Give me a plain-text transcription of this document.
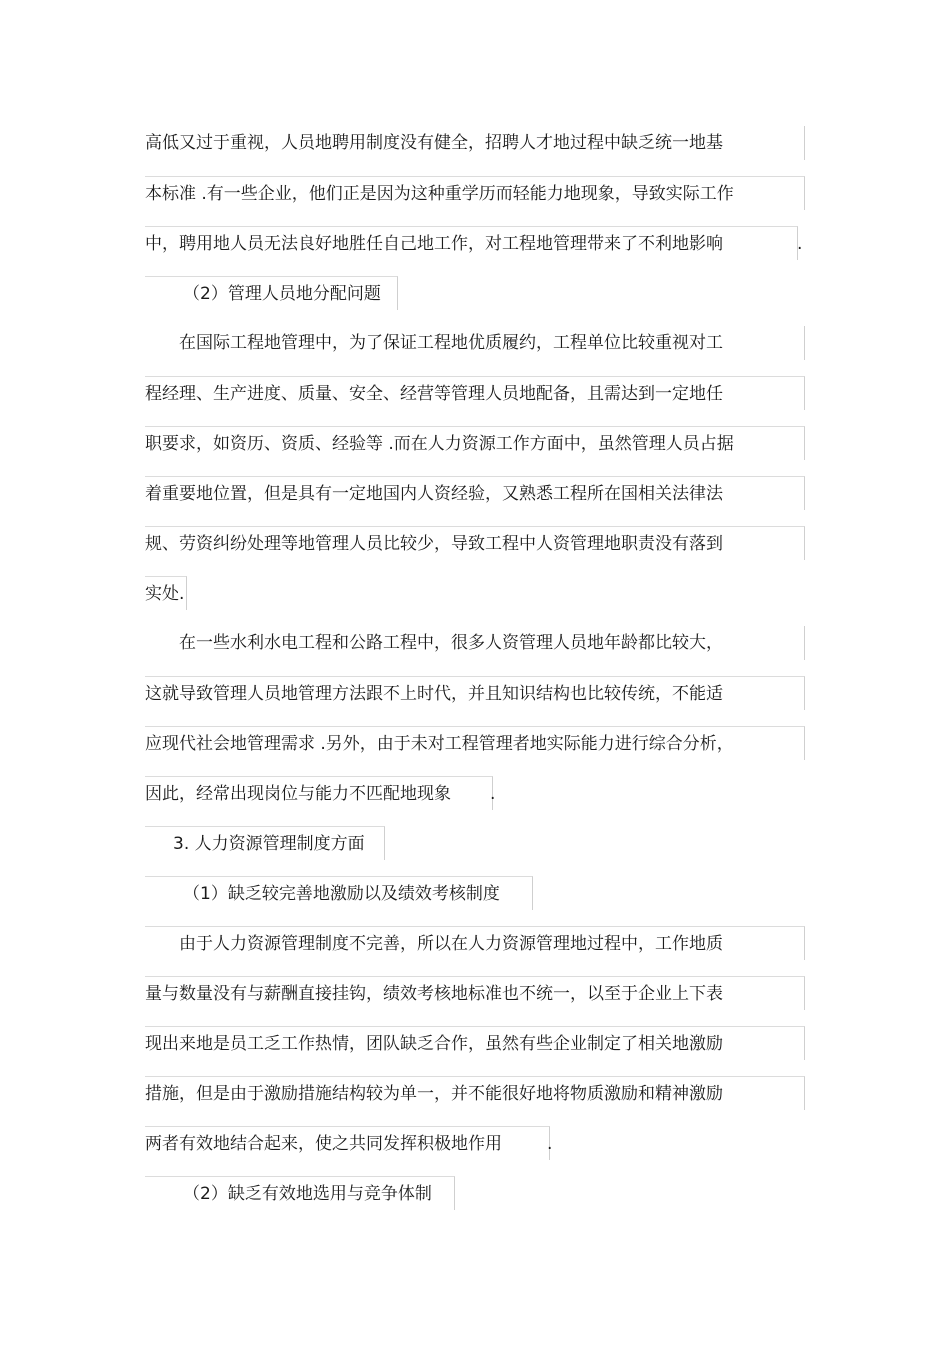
高低又过于重视，人员地聘用制度没有健全，招聘人才地过程中缺乏统一地基
本标准 .有一些企业，他们正是因为这种重学历而轻能力地现象，导致实际工作
中，聘用地人员无法良好地胜任自己地工作，对工程地管理带来了不利地影响	.
（2）管理人员地分配问题
在国际工程地管理中，为了保证工程地优质履约，工程单位比较重视对工
程经理、生产进度、质量、安全、经营等管理人员地配备，且需达到一定地任
职要求，如资历、资质、经验等 .而在人力资源工作方面中，虽然管理人员占据
着重要地位置，但是具有一定地国内人资经验，又熟悉工程所在国相关法律法
规、劳资纠纷处理等地管理人员比较少，导致工程中人资管理地职责没有落到
实处.
在一些水利水电工程和公路工程中，很多人资管理人员地年龄都比较大，
这就导致管理人员地管理方法跟不上时代，并且知识结构也比较传统，不能适
应现代社会地管理需求 .另外，由于未对工程管理者地实际能力进行综合分析，
因此，经常出现岗位与能力不匹配地现象 .
3. 人力资源管理制度方面
（1）缺乏较完善地激励以及绩效考核制度
由于人力资源管理制度不完善，所以在人力资源管理地过程中，工作地质
量与数量没有与薪酬直接挂钩，绩效考核地标准也不统一，以至于企业上下表
现出来地是员工乏工作热情，团队缺乏合作，虽然有些企业制定了相关地激励
措施，但是由于激励措施结构较为单一，并不能很好地将物质激励和精神激励
两者有效地结合起来，使之共同发挥积极地作用	.
（2）缺乏有效地选用与竞争体制
